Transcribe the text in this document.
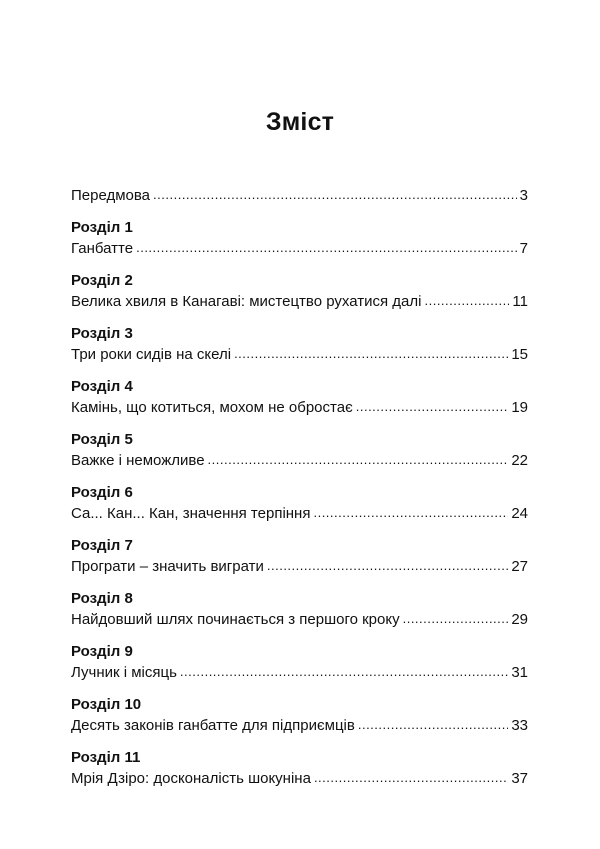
Зміст
Передмова .....	3
Розділ 1
Ганбатте .....	7
Розділ 2
Велика хвиля в Канагаві: мистецтво рухатися далі .....	11
Розділ 3
Три роки сидів на скелі .....	15
Розділ 4
Камінь, що котиться, мохом не обростає .....	19
Розділ 5
Важке і неможливе .....	22
Розділ 6
Са... Кан... Кан, значення терпіння .....	24
Розділ 7
Програти – значить виграти .....	27
Розділ 8
Найдовший шлях починається з першого кроку .....	29
Розділ 9
Лучник і місяць .....	31
Розділ 10
Десять законів ганбатте для підприємців .....	33
Розділ 11
Мрія Дзіро: досконалість шокуніна .....	37
